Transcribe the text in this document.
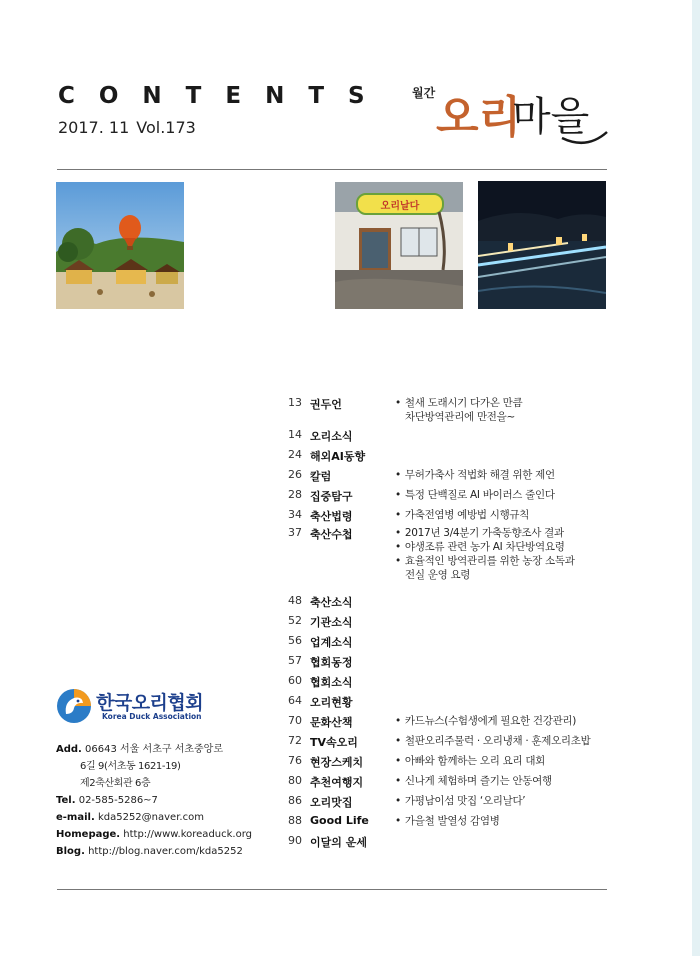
CONTENTS
2017. 11 Vol.173
월간 오리
마을
오리날다
13 권두언	• 철새 도래시기 다가온 만큼
차단방역관리에 만전을~
14 오리소식
24 해외AI동향
26 칼럼	• 무허가축사 적법화 해결 위한 제언
28 집중탐구	• 특정 단백질로 AI 바이러스 줄인다
34 축산법령	• 가축전염병 예방법 시행규칙
37 축산수첩	• 2017년 3/4분기 가축동향조사 결과
• 야생조류 관련 농가 AI 차단방역요령
• 효율적인 방역관리를 위한 농장 소독과
전실 운영 요령
48 축산소식
52 기관소식
56 업계소식
57 협회동정
60 협회소식
64 오리현황
70 문화산책	• 카드뉴스(수험생에게 필요한 건강관리)
72 TV속오리	• 철판오리주물럭 · 오리냉채 · 훈제오리초밥
76 현장스케치	• 아빠와 함께하는 오리 요리 대회
80 추천여행지	• 신나게 체험하며 즐기는 안동여행
86 오리맛집	• 가평남이섬 맛집 ‘오리날다’
88 Good Life • 가을철 발열성 감염병
90 이달의 운세
한국오리협회
Korea Duck Association
Add. 06643 서울 서초구 서초중앙로
6길 9(서초동 1621-19)
제2축산회관 6층
Tel. 02-585-5286~7
e-mail. kda5252@naver.com
Homepage. http://www.koreaduck.org
Blog. http://blog.naver.com/kda5252
